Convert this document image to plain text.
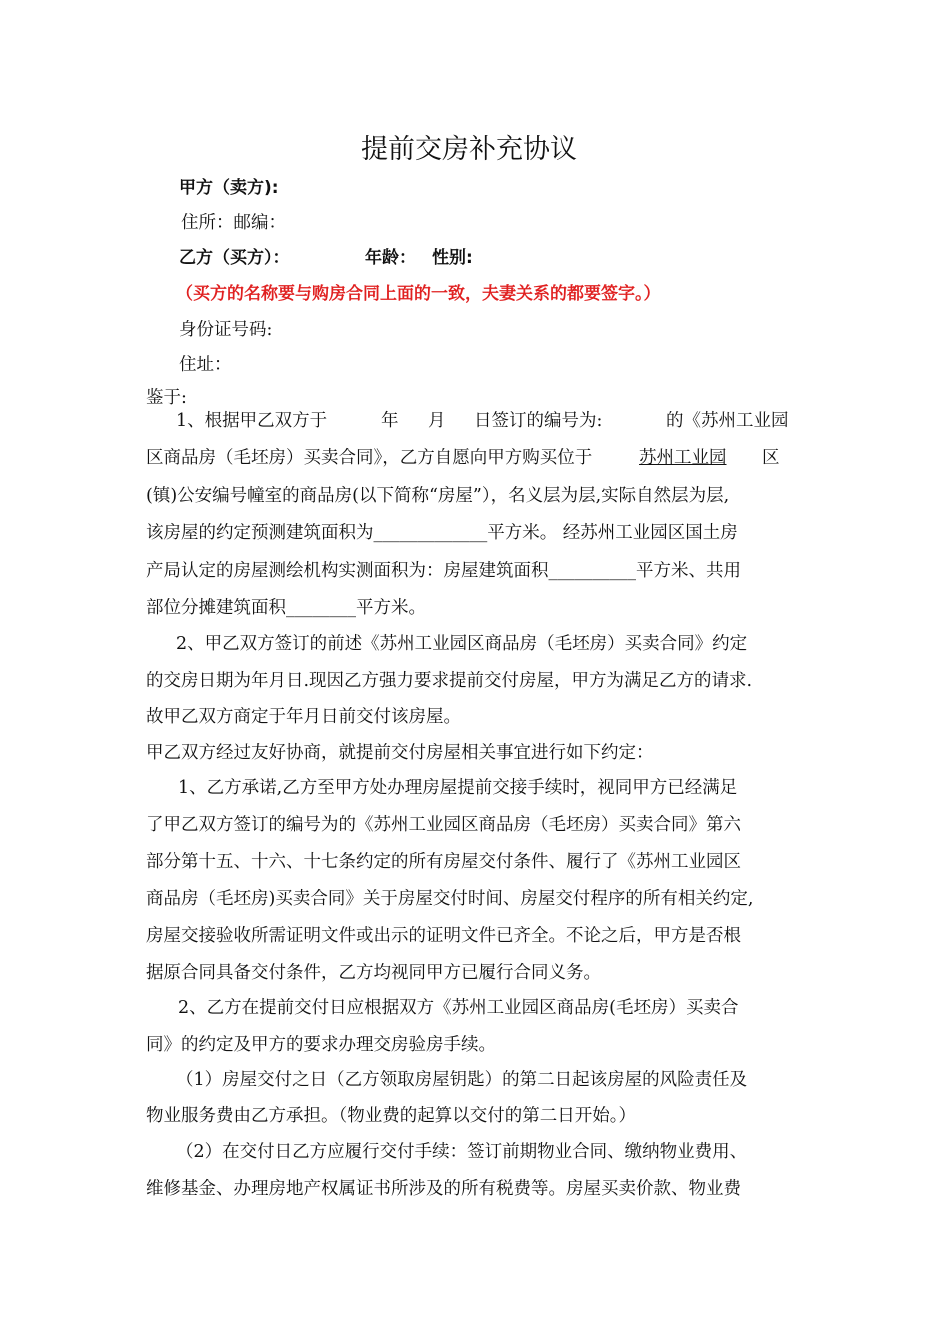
提前交房补充协议
甲方（卖方):
住所：邮编：
乙方（买方）：	年龄： 性别:
（买方的名称要与购房合同上面的一致，夫妻关系的都要签字。）
身份证号码:
住址：
鉴于:
1、根据甲乙双方于	年 月 日签订的编号为:	的《苏州工业园
区商品房（毛坯房）买卖合同》，乙方自愿向甲方购买位于	苏州工业园 区
(镇)公安编号幢室的商品房(以下简称“房屋”），名义层为层,实际自然层为层,
该房屋的约定预测建筑面积为_____________平方米。 经苏州工业园区国土房
产局认定的房屋测绘机构实测面积为：房屋建筑面积__________平方米、共用
部位分摊建筑面积________平方米。
2、甲乙双方签订的前述《苏州工业园区商品房（毛坯房）买卖合同》约定
的交房日期为年月日.现因乙方强力要求提前交付房屋，甲方为满足乙方的请求.
故甲乙双方商定于年月日前交付该房屋。
甲乙双方经过友好协商，就提前交付房屋相关事宜进行如下约定：
1、乙方承诺,乙方至甲方处办理房屋提前交接手续时，视同甲方已经满足
了甲乙双方签订的编号为的《苏州工业园区商品房（毛坯房）买卖合同》第六
部分第十五、十六、十七条约定的所有房屋交付条件、履行了《苏州工业园区
商品房（毛坯房)买卖合同》关于房屋交付时间、房屋交付程序的所有相关约定,
房屋交接验收所需证明文件或出示的证明文件已齐全。不论之后，甲方是否根
据原合同具备交付条件，乙方均视同甲方已履行合同义务。
2、乙方在提前交付日应根据双方《苏州工业园区商品房(毛坯房）买卖合
同》的约定及甲方的要求办理交房验房手续。
（1）房屋交付之日（乙方领取房屋钥匙）的第二日起该房屋的风险责任及
物业服务费由乙方承担。（物业费的起算以交付的第二日开始。）
（2）在交付日乙方应履行交付手续：签订前期物业合同、缴纳物业费用、
维修基金、办理房地产权属证书所涉及的所有税费等。房屋买卖价款、物业费
